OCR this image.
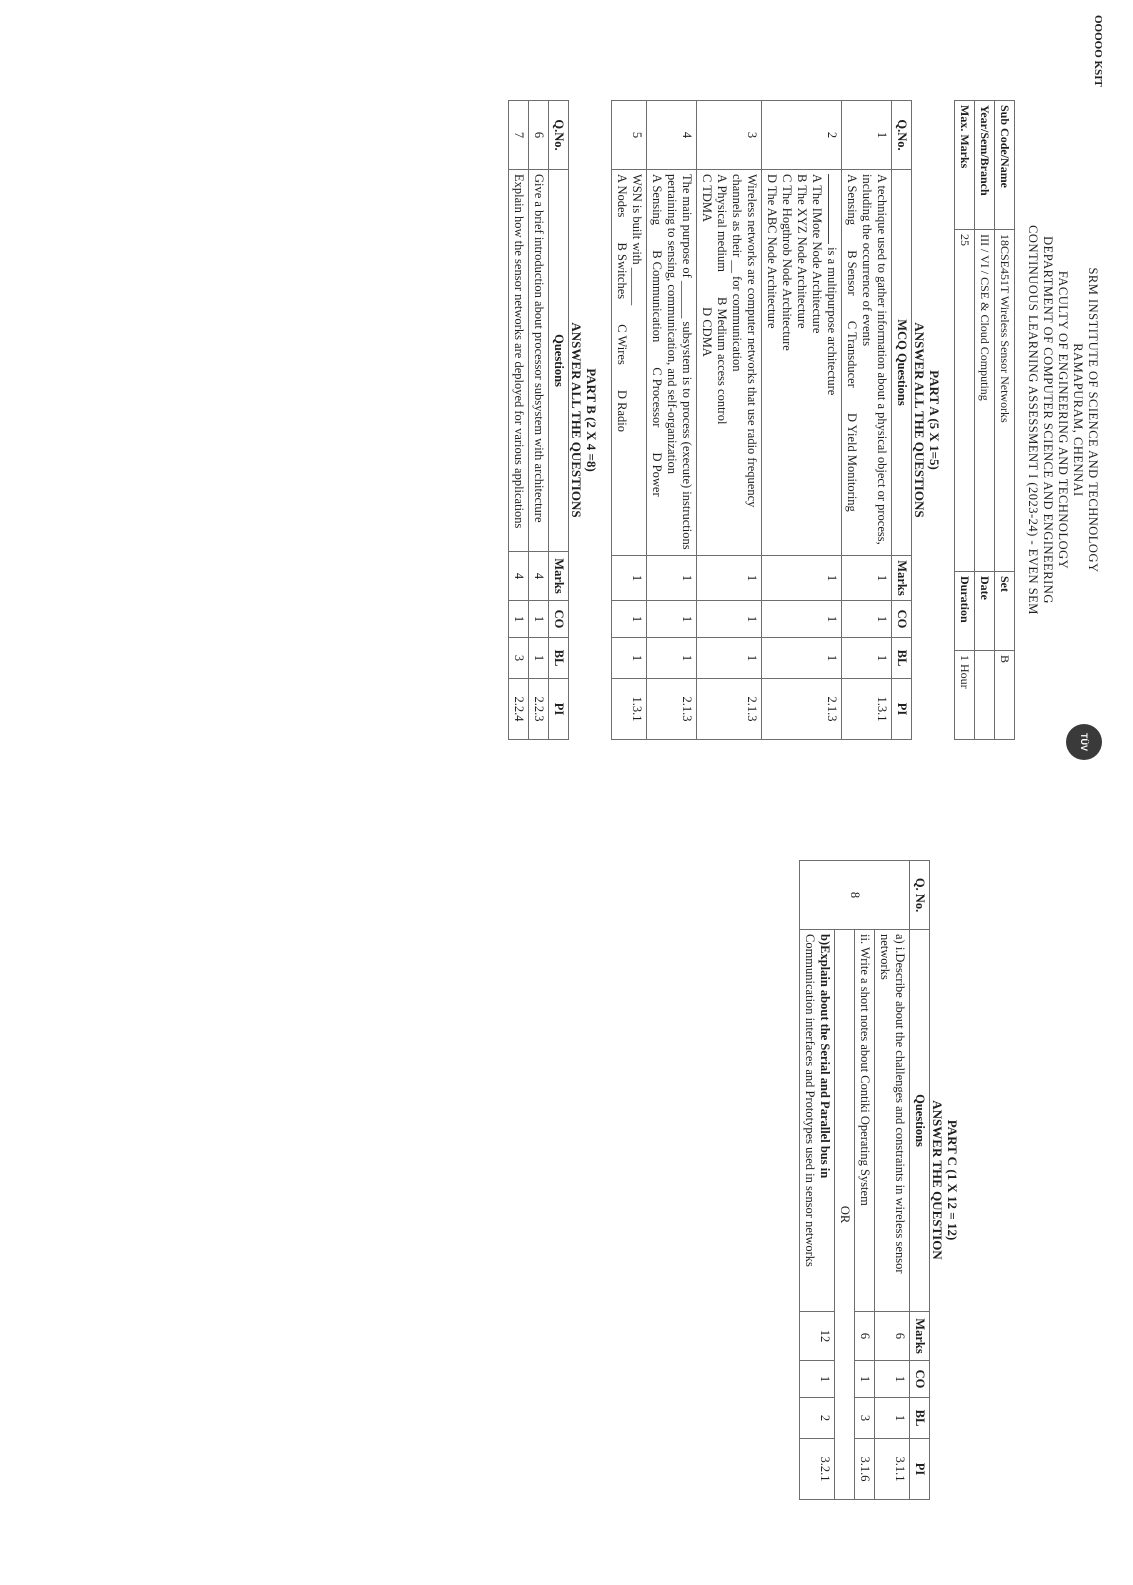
OOOOO KSIT
TÜV
SRM INSTITUTE OF SCIENCE AND TECHNOLOGY
RAMAPURAM, CHENNAI
FACULTY OF ENGINEERING AND TECHNOLOGY
DEPARTMENT OF COMPUTER SCIENCE AND ENGINEERING
CONTINUOUS LEARNING ASSESSMENT I (2023-24) - EVEN SEM
Sub Code/Name	18CSE451T Wireless Sensor Networks	Set	B
Year/Sem/Branch	III / VI / CSE & Cloud Computing	Date	
Max. Marks	25	Duration	1 Hour
PART A (5 X 1=5)
ANSWER ALL THE QUESTIONS
Q.No.	MCQ Questions	Marks	CO	BL	PI
1	A technique used to gather information about a physical object or process, including the occurrence of events
A Sensing B Sensor C Transducer D Yield Monitoring	1	1	1	1.3.1
2	is a multipurpose architecture
A The IMote Node Architecture
B The XYZ Node Architecture
C The Hogthrob Node Architecture
D The ABC Node Architecture	1	1	1	2.1.3
3	Wireless networks are computer networks that use radio frequency channels as their __ for communication
A Physical medium B Medium access control
C TDMA D CDMA	1	1	1	2.1.3
4	The main purpose of ______ subsystem is to process (execute) instructions pertaining to sensing, communication, and self-organization
A Sensing B Communication C Processor D Power	1	1	1	2.1.3
5	WSN is built with ______
A Nodes B Switches C Wires D Radio	1	1	1	1.3.1
PART B (2 X 4 =8)
ANSWER ALL THE QUESTIONS
Q.No.	Questions	Marks	CO	BL	PI
6	Give a brief introduction about processor subsystem with architecture	4	1	1	2.2.3
7	Explain how the sensor networks are deployed for various applications	4	1	3	2.2.4
PART C (1 X 12 = 12)
ANSWER THE QUESTION
Q. No.	Questions	Marks	CO	BL	PI
8	a) i.Describe about the challenges and constraints in wireless sensor networks	6	1	1	3.1.1
	ii. Write a short notes about Contiki Operating System	6	1	3	3.1.6
	OR				

	b)Explain about the Serial and Parallel bus in
Communication interfaces and Prototypes used in sensor networks	12	1	2	3.2.1
